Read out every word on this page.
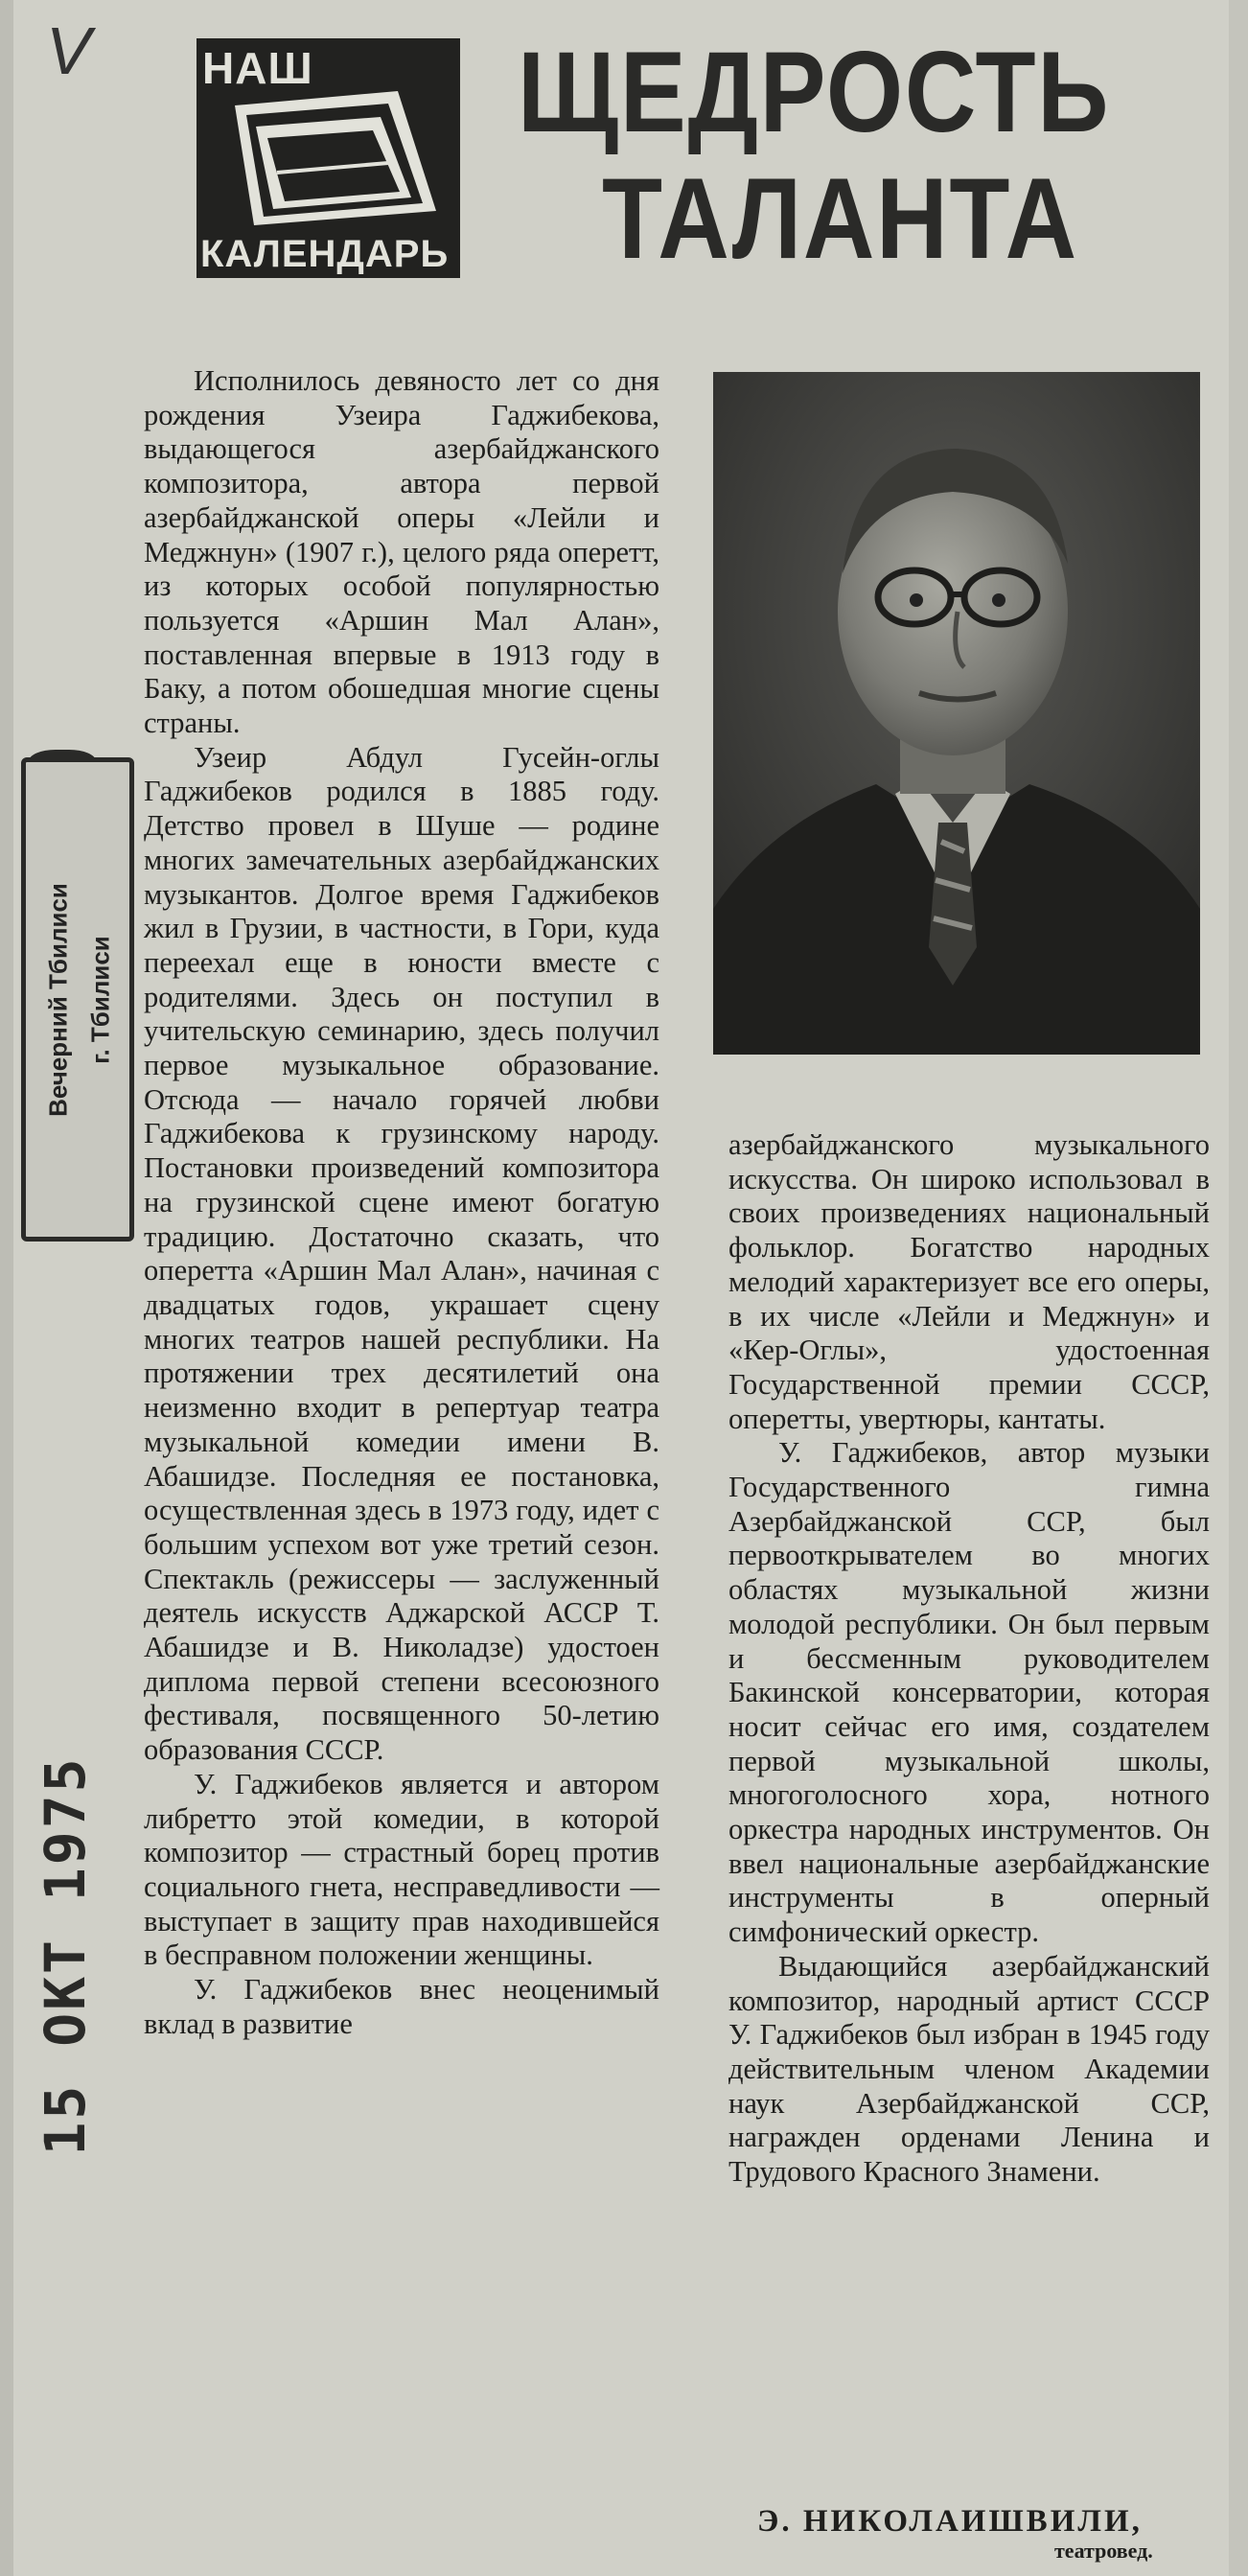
V	НАШ
КАЛЕНДАРЬ
ЩЕДРОСТЬ
ТАЛАНТА

Исполнилось девяносто лет со дня рождения Узеира Гаджибекова, выдающегося азербайджанского композитора, автора первой азербайджанской оперы «Лейли и Меджнун» (1907 г.), целого ряда оперетт, из которых особой популярностью пользуется «Аршин Мал Алан», поставленная впервые в 1913 году в Баку, а потом обошедшая многие сцены страны.

Узеир Абдул Гусейн-оглы Гаджибеков родился в 1885 году. Детство провел в Шуше — родине многих замечательных азербайджанских музыкантов. Долгое время Гаджибеков жил в Грузии, в частности, в Гори, куда переехал еще в юности вместе с родителями. Здесь он поступил в учительскую семинарию, здесь получил первое музыкальное образование. Отсюда — начало горячей любви Гаджибекова к грузинскому народу. Постановки произведений композитора на грузинской сцене имеют богатую традицию. Достаточно сказать, что оперетта «Аршин Мал Алан», начиная с двадцатых годов, украшает сцену многих театров нашей республики. На протяжении трех десятилетий она неизменно входит в репертуар театра музыкальной комедии имени В. Абашидзе. Последняя ее постановка, осуществленная здесь в 1973 году, идет с большим успехом вот уже третий сезон. Спектакль (режиссеры — заслуженный деятель искусств Аджарской АССР Т. Абашидзе и В. Николадзе) удостоен диплома первой степени всесоюзного фестиваля, посвященного 50-летию образования СССР.

У. Гаджибеков является и автором либретто этой комедии, в которой композитор — страстный борец против социального гнета, несправедливости — выступает в защиту прав находившейся в бесправном положении женщины.

У. Гаджибеков внес неоценимый вклад в развитие

азербайджанского музыкального искусства. Он широко использовал в своих произведениях национальный фольклор. Богатство народных мелодий характеризует все его оперы, в их числе «Лейли и Меджнун» и «Кер-Оглы», удостоенная Государственной премии СССР, оперетты, увертюры, кантаты.

У. Гаджибеков, автор музыки Государственного гимна Азербайджанской ССР, был первооткрывателем во многих областях музыкальной жизни молодой республики. Он был первым и бессменным руководителем Бакинской консерватории, которая носит сейчас его имя, создателем первой музыкальной школы, многоголосного хора, нотного оркестра народных инструментов. Он ввел национальные азербайджанские инструменты в оперный симфонический оркестр.

Выдающийся азербайджанский композитор, народный артист СССР У. Гаджибеков был избран в 1945 году действительным членом Академии наук Азербайджанской ССР, награжден орденами Ленина и Трудового Красного Знамени.

Вечерний Тбилиси г. Тбилиси
15 ОКТ 1975
Э. НИКОЛАИШВИЛИ,
театровед.
